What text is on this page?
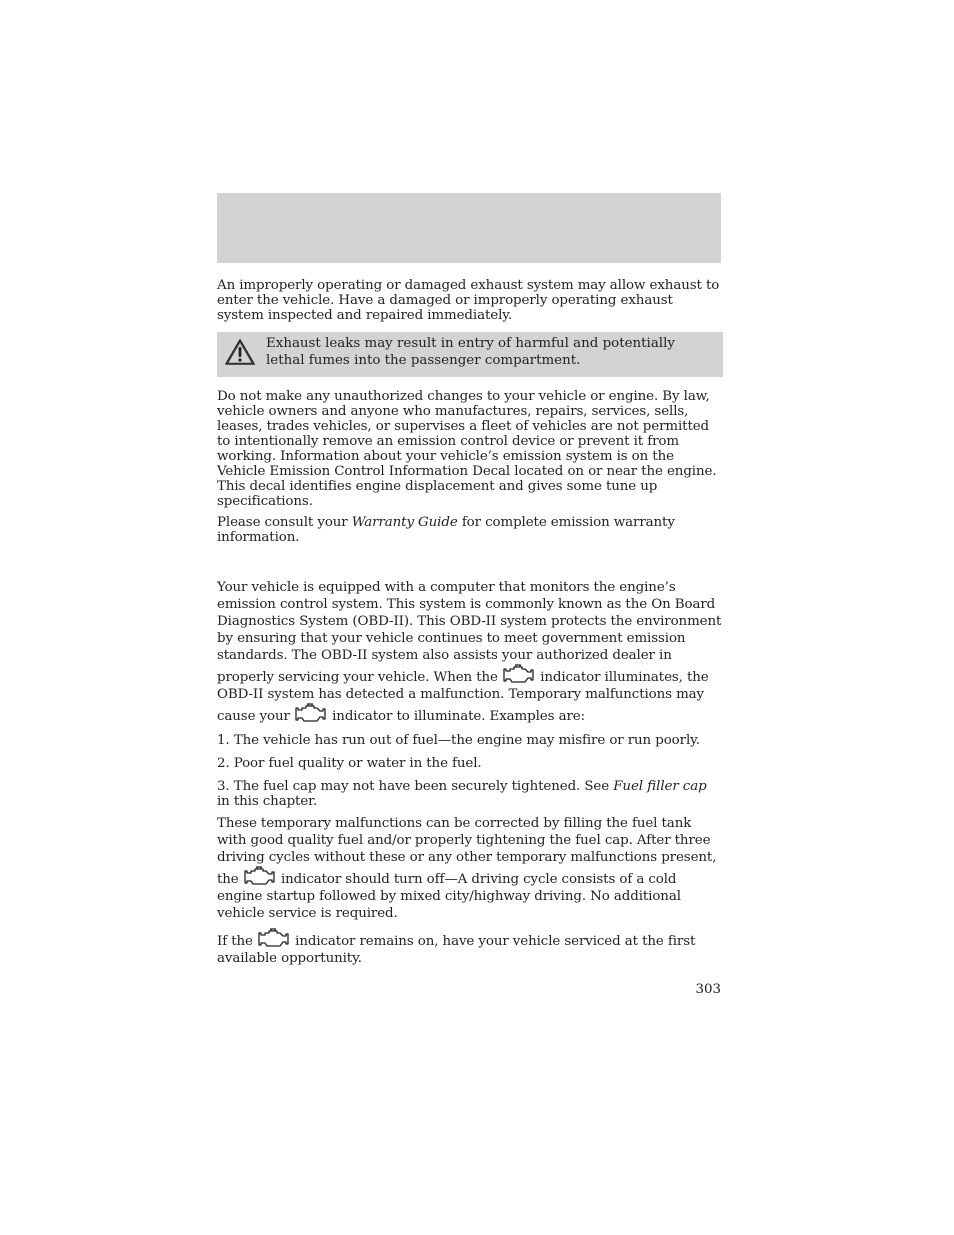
An improperly operating or damaged exhaust system may allow exhaust to enter the vehicle. Have a damaged or improperly operating exhaust system inspected and repaired immediately.

Exhaust leaks may result in entry of harmful and potentially lethal fumes into the passenger compartment.

Do not make any unauthorized changes to your vehicle or engine. By law, vehicle owners and anyone who manufactures, repairs, services, sells, leases, trades vehicles, or supervises a fleet of vehicles are not permitted to intentionally remove an emission control device or prevent it from working. Information about your vehicle’s emission system is on the Vehicle Emission Control Information Decal located on or near the engine. This decal identifies engine displacement and gives some tune up specifications.

Please consult your Warranty Guide for complete emission warranty information.

Your vehicle is equipped with a computer that monitors the engine’s emission control system. This system is commonly known as the On Board Diagnostics System (OBD-II). This OBD-II system protects the environment by ensuring that your vehicle continues to meet government emission standards. The OBD-II system also assists your authorized dealer in properly servicing your vehicle. When the	indicator illuminates, the OBD-II system has detected a malfunction. Temporary malfunctions may cause your	indicator to illuminate. Examples are:

1. The vehicle has run out of fuel—the engine may misfire or run poorly.

2. Poor fuel quality or water in the fuel.

3. The fuel cap may not have been securely tightened. See Fuel filler cap in this chapter.

These temporary malfunctions can be corrected by filling the fuel tank with good quality fuel and/or properly tightening the fuel cap. After three driving cycles without these or any other temporary malfunctions present, the	indicator should turn off—A driving cycle consists of a cold engine startup followed by mixed city/highway driving. No additional vehicle service is required.

If the	indicator remains on, have your vehicle serviced at the first available opportunity.

303
